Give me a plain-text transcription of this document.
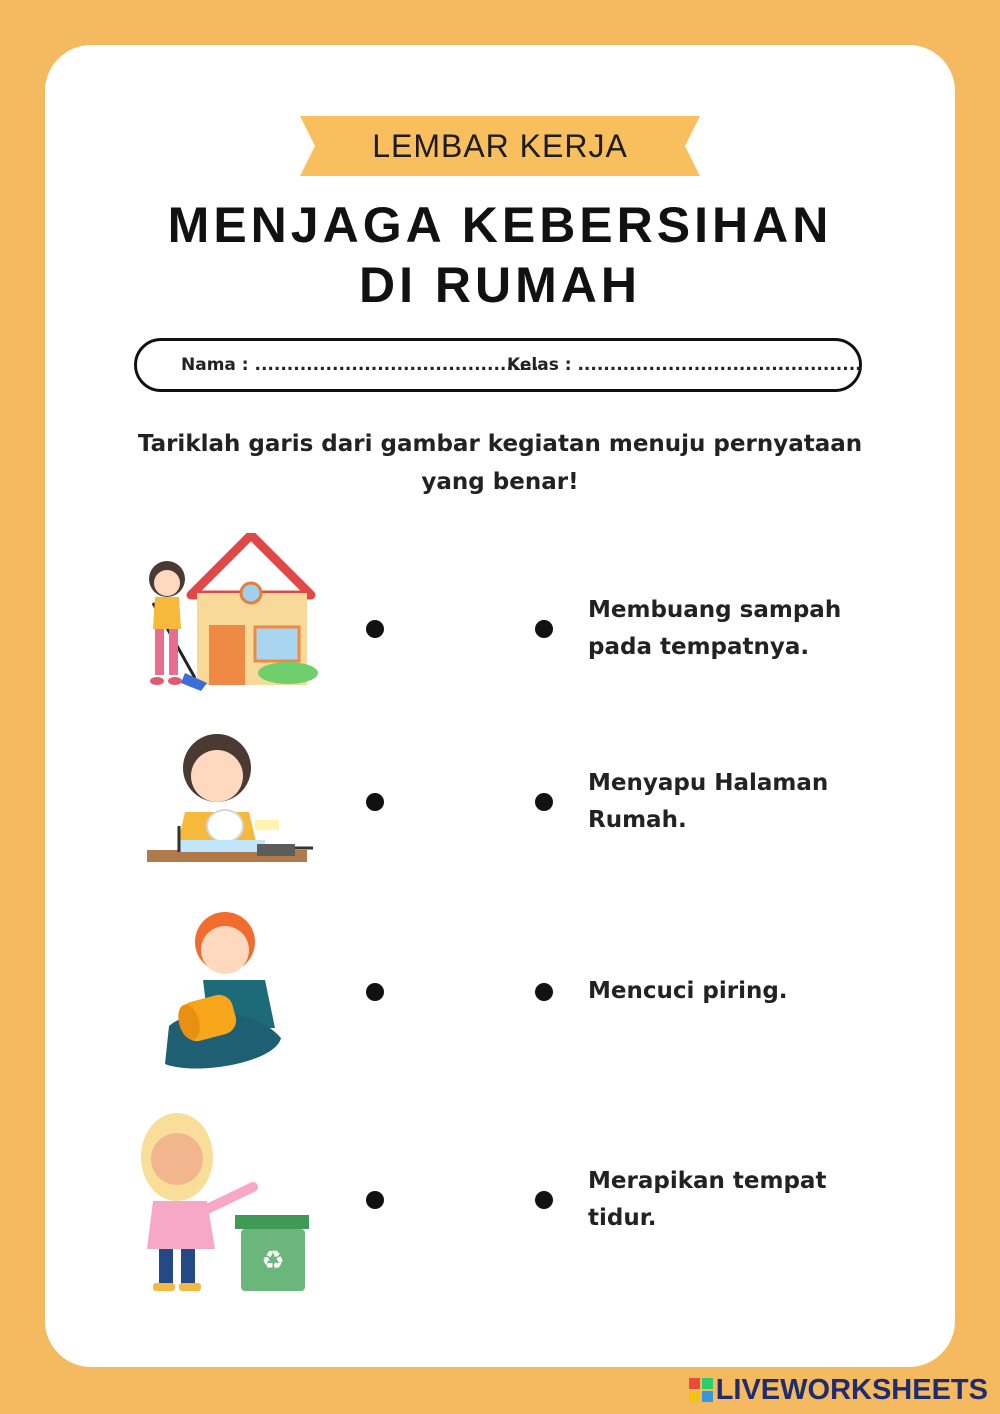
LEMBAR KERJA
MENJAGA KEBERSIHAN
DI RUMAH
Nama : ............................................
Kelas : ............................................
Tariklah garis dari gambar kegiatan menuju pernyataan yang benar!
♻
Membuang sampah
pada tempatnya.
Menyapu Halaman
Rumah.
Mencuci piring.
Merapikan tempat
tidur.
LIVEWORKSHEETS
